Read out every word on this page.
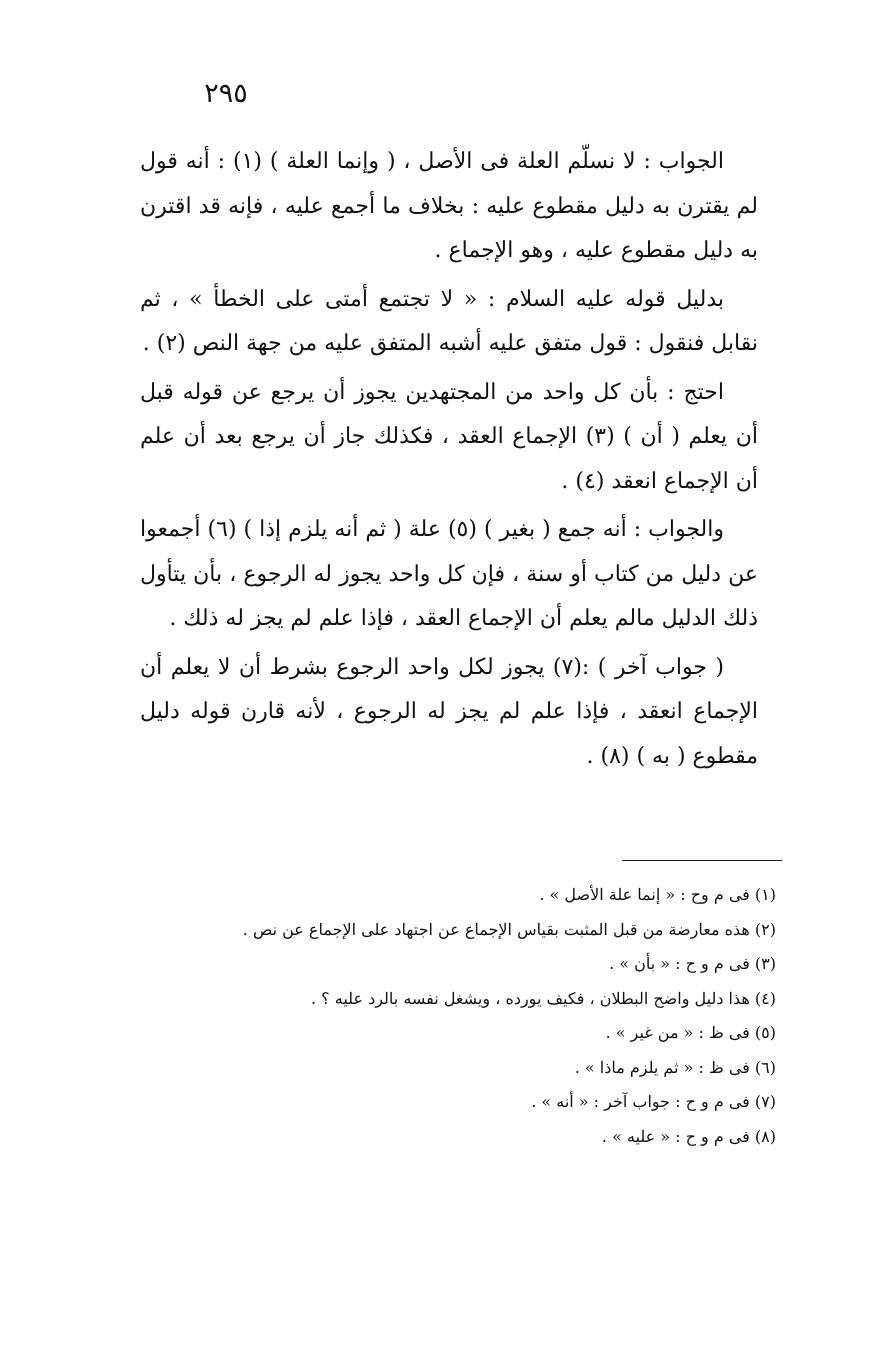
٢٩٥

الجواب : لا نسلّم العلة فى الأصل ، ( وإنما العلة ) (١) : أنه قول لم يقترن به دليل مقطوع عليه : بخلاف ما أجمع عليه ، فإنه قد اقترن به دليل مقطوع عليه ، وهو الإجماع .

بدليل قوله عليه السلام : « لا تجتمع أمتى على الخطأ » ، ثم نقابل فنقول : قول متفق عليه أشبه المتفق عليه من جهة النص (٢) .

احتج : بأن كل واحد من المجتهدين يجوز أن يرجع عن قوله قبل أن يعلم ( أن ) (٣) الإجماع العقد ، فكذلك جاز أن يرجع بعد أن علم أن الإجماع انعقد (٤) .

والجواب : أنه جمع ( بغير ) (٥) علة ( ثم أنه يلزم إذا ) (٦) أجمعوا عن دليل من كتاب أو سنة ، فإن كل واحد يجوز له الرجوع ، بأن يتأول ذلك الدليل مالم يعلم أن الإجماع العقد ، فإذا علم لم يجز له ذلك .

( جواب آخر ) :(٧) يجوز لكل واحد الرجوع بشرط أن لا يعلم أن الإجماع انعقد ، فإذا علم لم يجز له الرجوع ، لأنه قارن قوله دليل مقطوع ( به ) (٨) .

(١) فى م وح : « إنما علة الأصل » .

(٢) هذه معارضة من قبل المثبت بقياس الإجماع عن اجتهاد على الإجماع عن نص .

(٣) فى م و ح : « بأن » .

(٤) هذا دليل واضح البطلان ، فكيف يورده ، ويشغل نفسه بالرد عليه ؟ .

(٥) فى ظ : « من غير » .

(٦) فى ظ : « ثم يلزم ماذا » .

(٧) فى م و ح : جواب آخر : « أنه » .

(٨) فى م و ح : « عليه » .
